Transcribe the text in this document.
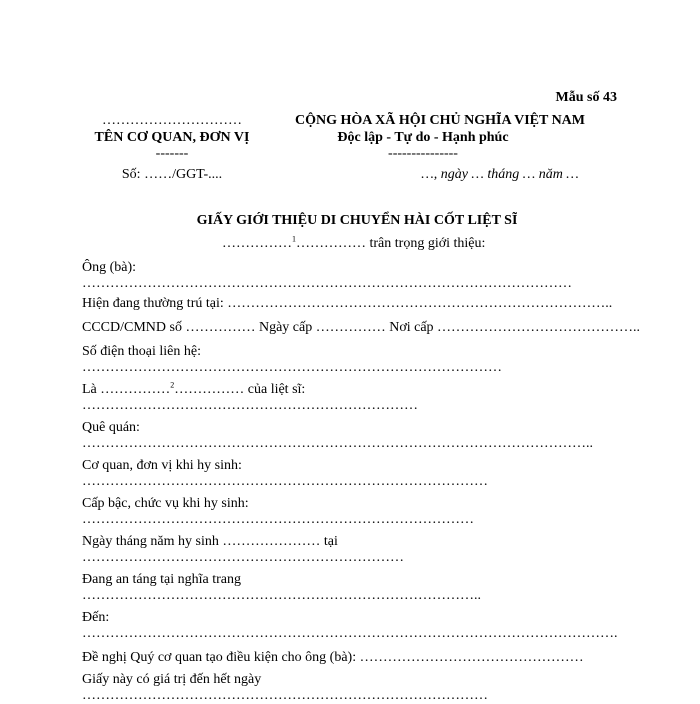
Mẫu số 43
…………………………
TÊN CƠ QUAN, ĐƠN VỊ
-------
CỘNG HÒA XÃ HỘI CHỦ NGHĨA VIỆT NAM
Độc lập - Tự do - Hạnh phúc
---------------
Số: ……/GGT-....	…, ngày … tháng … năm …
GIẤY GIỚI THIỆU DI CHUYỂN HÀI CỐT LIỆT SĨ
……………$^1$…………… trân trọng giới thiệu:
Ông (bà):
……………………………………………………………………………………………
Hiện đang thường trú tại: ………………………………………………………………………..
CCCD/CMND số …………… Ngày cấp …………… Nơi cấp ……………………………………..
Số điện thoại liên hệ:
………………………………………………………………………………
Là ……………$^2$…………… của liệt sĩ:
………………………………………………………………
Quê quán:
………………………………………………………………………………………………..
Cơ quan, đơn vị khi hy sinh:
……………………………………………………………………………
Cấp bậc, chức vụ khi hy sinh:
…………………………………………………………………………
Ngày tháng năm hy sinh ………………… tại
……………………………………………………………
Đang an táng tại nghĩa trang
…………………………………………………………………………..
Đến:
…………………………………………………………………………………………………….
Đề nghị Quý cơ quan tạo điều kiện cho ông (bà): …………………………………………
Giấy này có giá trị đến hết ngày
……………………………………………………………………………
